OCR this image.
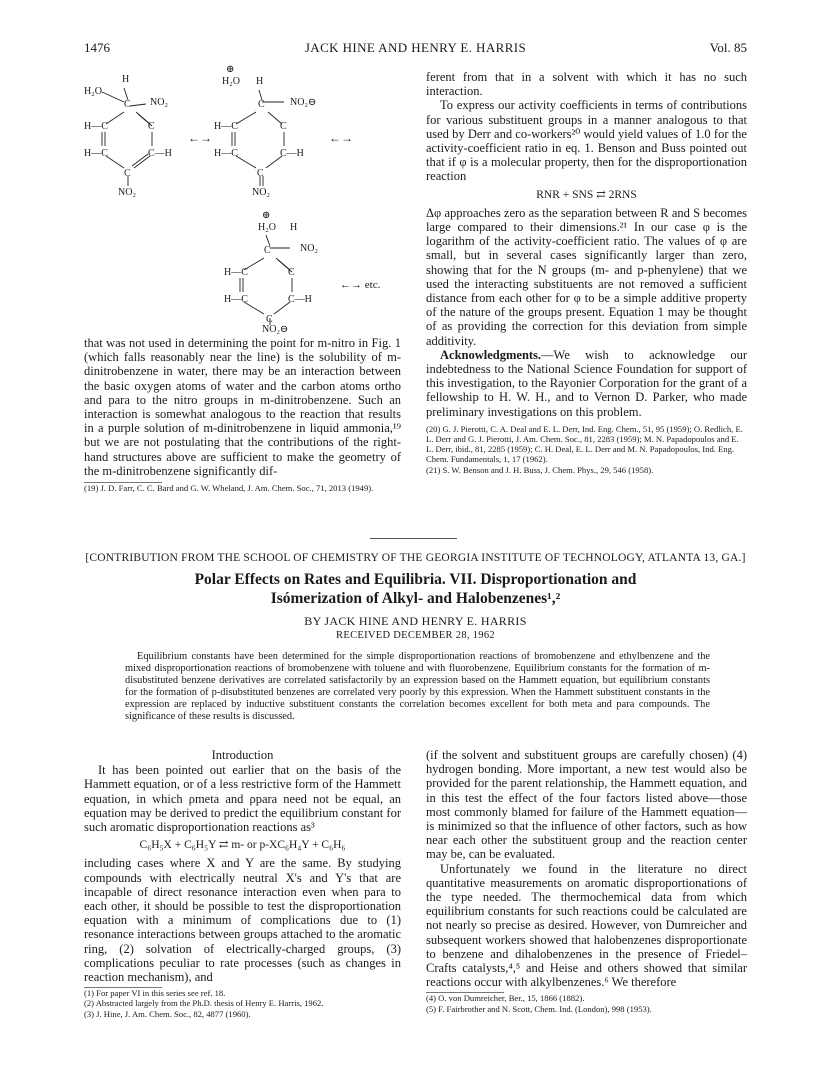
1476	JACK HINE AND HENRY E. HARRIS	Vol. 85
H
H₂O
C NO₂
H—C	C
H—C	C—H
C
NO₂
←→
⊕
H₂O H
C	NO₂⊖
H—C	C
H—C	C—H
C
NO₂
←→
⊕
H₂O H
C	NO₂
H—C	C
H—C	C—H
C
NO₂⊖
←→ etc.

that was not used in determining the point for m-nitro in Fig. 1 (which falls reasonably near the line) is the solubility of m-dinitrobenzene in water, there may be an interaction between the basic oxygen atoms of water and the carbon atoms ortho and para to the nitro groups in m-dinitrobenzene. Such an interaction is somewhat analogous to the reaction that results in a purple solution of m-dinitrobenzene in liquid ammonia,¹⁹ but we are not postulating that the contributions of the right-hand structures above are sufficient to make the geometry of the m-dinitrobenzene significantly dif-

(19) J. D. Farr, C. C. Bard and G. W. Wheland, J. Am. Chem. Soc., 71, 2013 (1949).

ferent from that in a solvent with which it has no such interaction.

To express our activity coefficients in terms of contributions for various substituent groups in a manner analogous to that used by Derr and co-workers²⁰ would yield values of 1.0 for the activity-coefficient ratio in eq. 1. Benson and Buss pointed out that if φ is a molecular property, then for the disproportionation reaction

RNR + SNS ⇄ 2RNS

Δφ approaches zero as the separation between R and S becomes large compared to their dimensions.²¹ In our case φ is the logarithm of the activity-coefficient ratio. The values of φ are small, but in several cases significantly larger than zero, showing that for the N groups (m- and p-phenylene) that we used the interacting substituents are not removed a sufficient distance from each other for φ to be a simple additive property of the nature of the groups present. Equation 1 may be thought of as providing the correction for this deviation from simple additivity.

Acknowledgments.—We wish to acknowledge our indebtedness to the National Science Foundation for support of this investigation, to the Rayonier Corporation for the grant of a fellowship to H. W. H., and to Vernon D. Parker, who made preliminary investigations on this problem.

(20) G. J. Pierotti, C. A. Deal and E. L. Derr, Ind. Eng. Chem., 51, 95 (1959); O. Redlich, E. L. Derr and G. J. Pierotti, J. Am. Chem. Soc., 81, 2283 (1959); M. N. Papadopoulos and E. L. Derr, ibid., 81, 2285 (1959); C. H. Deal, E. L. Derr and M. N. Papadopoulos, Ind. Eng. Chem. Fundamentals, 1, 17 (1962).
(21) S. W. Benson and J. H. Buss, J. Chem. Phys., 29, 546 (1958).
[CONTRIBUTION FROM THE SCHOOL OF CHEMISTRY OF THE GEORGIA INSTITUTE OF TECHNOLOGY, ATLANTA 13, GA.]
Polar Effects on Rates and Equilibria. VII. Disproportionation and
Isómerization of Alkyl- and Halobenzenes¹,²
BY JACK HINE AND HENRY E. HARRIS
RECEIVED DECEMBER 28, 1962

Equilibrium constants have been determined for the simple disproportionation reactions of bromobenzene and ethylbenzene and the mixed disproportionation reactions of bromobenzene with toluene and with fluorobenzene. Equilibrium constants for the formation of m-disubstituted benzene derivatives are correlated satisfactorily by an expression based on the Hammett equation, but equilibrium constants for the formation of p-disubstituted benzenes are correlated very poorly by this expression. When the Hammett substituent constants in the expression are replaced by inductive substituent constants the correlation becomes excellent for both meta and para compounds. The significance of these results is discussed.

Introduction

It has been pointed out earlier that on the basis of the Hammett equation, or of a less restrictive form of the Hammett equation, in which ρmeta and ρpara need not be equal, an equation may be derived to predict the equilibrium constant for such aromatic disproportionation reactions as³

C₆H₅X + C₆H₅Y ⇄ m- or p-XC₆H₄Y + C₆H₆

including cases where X and Y are the same. By studying compounds with electrically neutral X's and Y's that are incapable of direct resonance interaction even when para to each other, it should be possible to test the disproportionation equation with a minimum of complications due to (1) resonance interactions between groups attached to the aromatic ring, (2) solvation of electrically-charged groups, (3) complications peculiar to rate processes (such as changes in reaction mechanism), and

(1) For paper VI in this series see ref. 18.
(2) Abstracted largely from the Ph.D. thesis of Henry E. Harris, 1962.
(3) J. Hine, J. Am. Chem. Soc., 82, 4877 (1960).

(if the solvent and substituent groups are carefully chosen) (4) hydrogen bonding. More important, a new test would also be provided for the parent relationship, the Hammett equation, and in this test the effect of the four factors listed above—those most commonly blamed for failure of the Hammett equation—is minimized so that the influence of other factors, such as how near each other the substituent group and the reaction center may be, can be evaluated.

Unfortunately we found in the literature no direct quantitative measurements on aromatic disproportionations of the type needed. The thermochemical data from which equilibrium constants for such reactions could be calculated are not nearly so precise as desired. However, von Dumreicher and subsequent workers showed that halobenzenes disproportionate to benzene and dihalobenzenes in the presence of Friedel–Crafts catalysts,⁴,⁵ and Heise and others showed that similar reactions occur with alkylbenzenes.⁶ We therefore

(4) O. von Dumreicher, Ber., 15, 1866 (1882).
(5) F. Fairbrother and N. Scott, Chem. Ind. (London), 998 (1953).
